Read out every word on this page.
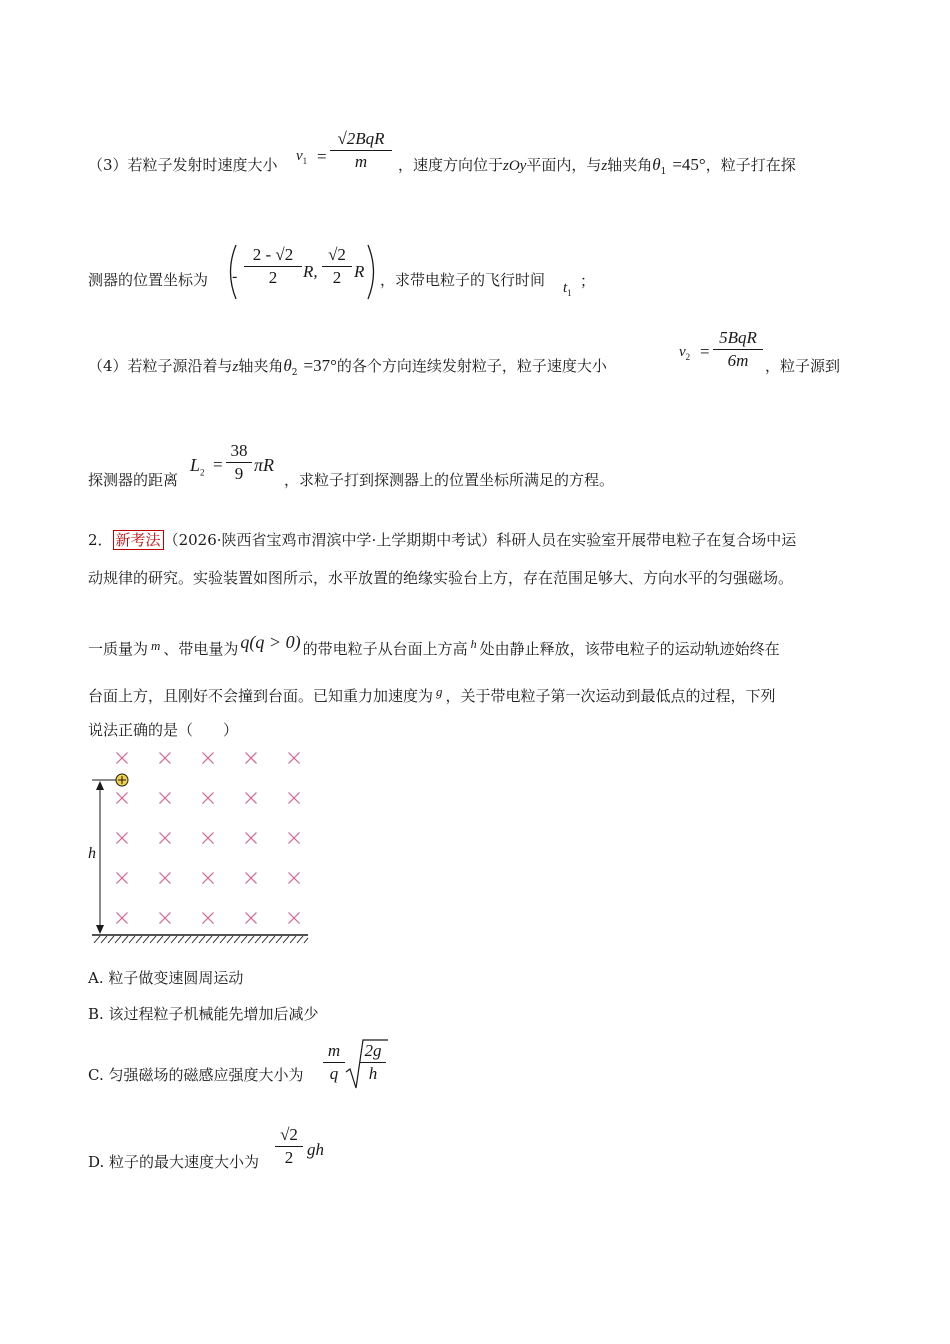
（3）若粒子发射时速度大小 $v_1$ =
√2BqR
m	，速度方向位于zOy平面内，与z轴夹角$\theta_1 =45^\circ$，粒子打在探
测器的位置坐标为 - $\frac{2 - √2}{2} R$, $\frac{√2}{2}$ R ，求带电粒子的飞行时间 $t_1$
；
（4）若粒子源沿着与z轴夹角$\theta_2 =37^\circ$的各个方向连续发射粒子，粒子速度大小
$v_2$ =
5BqR
6m	，粒子源到
探测器的距离
$L_2 = \frac{38}{9}$ πR
，求粒子打到探测器上的位置坐标所满足的方程。
2． 新考法 （2026·陕西省宝鸡市渭滨中学·上学期期中考试）科研人员在实验室开展带电粒子在复合场中运
动规律的研究。实验装置如图所示，水平放置的绝缘实验台上方，存在范围足够大、方向水平的匀强磁场。
一质量为 m 、带电量为 q(q > 0) 的带电粒子从台面上方高 $^h$ 处由静止释放，该带电粒子的运动轨迹始终在
台面上方，且刚好不会撞到台面。已知重力加速度为 g ，关于带电粒子第一次运动到最低点的过程，下列
说法正确的是（　　）
h
A. 粒子做变速圆周运动
B. 该过程粒子机械能先增加后减少
C. 匀强磁场的磁感应强度大小为 $\frac{m}{q} \frac{2g}{h}$
D. 粒子的最大速度大小为 $\frac{√2}{2}$ gh
